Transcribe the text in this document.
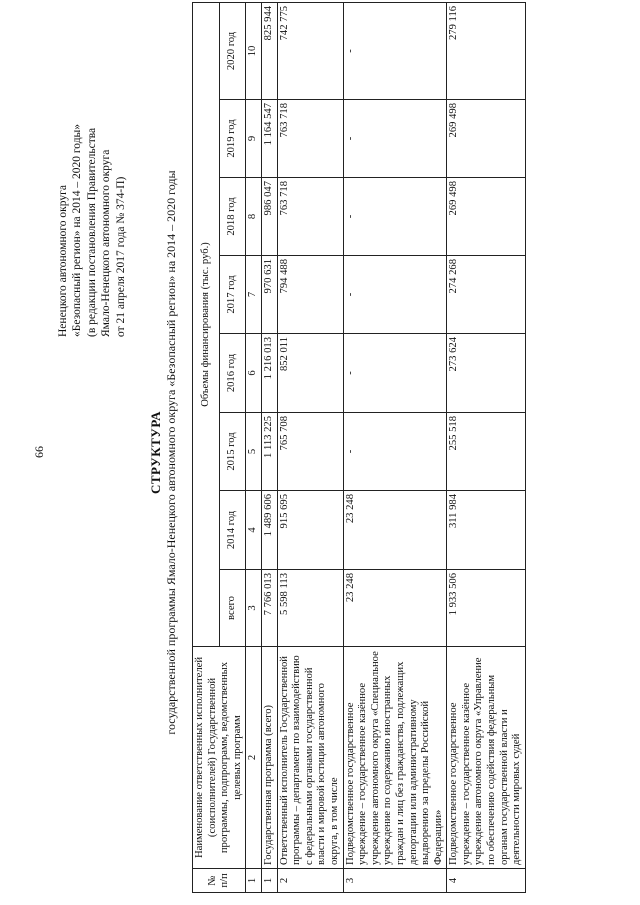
66
Ненецкого автономного округа «Безопасный регион» на 2014 – 2020 годы» (в редакции постановления Правительства Ямало-Ненецкого автономного округа от 21 апреля 2017 года № 374-П)
СТРУКТУРА государственной программы Ямало-Ненецкого автономного округа «Безопасный регион» на 2014 – 2020 годы
№
п/п	Наименование ответственных исполнителей (соисполнителей) Государственной программы, подпрограмм, ведомственных целевых программ	Объемы финансирования (тыс. руб.)							
		всего	2014 год	2015 год	2016 год	2017 год	2018 год	2019 год	2020 год
1	2	3	4	5	6	7	8	9	10
1	Государственная программа (всего)	7 766 013	1 489 606	1 113 225	1 216 013	970 631	986 047	1 164 547	825 944
2	Ответственный исполнитель Государственной программы – департамент по взаимодействию с федеральными органами государственной власти и мировой юстиции автономного округа, в том числе	5 598 113	915 695	765 708	852 011	794 488	763 718	763 718	742 775
3	Подведомственное государственное учреждение – государственное казённое учреждение автономного округа «Специальное учреждение по содержанию иностранных граждан и лиц без гражданства, подлежащих депортации или административному выдворению за пределы Российской Федерации»	23 248	23 248	-	-	-	-	-	-
4	Подведомственное государственное учреждение – государственное казённое учреждение автономного округа «Управление по обеспечению содействия федеральным органам государственной власти и деятельности мировых судей	1 933 506	311 984	255 518	273 624	274 268	269 498	269 498	279 116
